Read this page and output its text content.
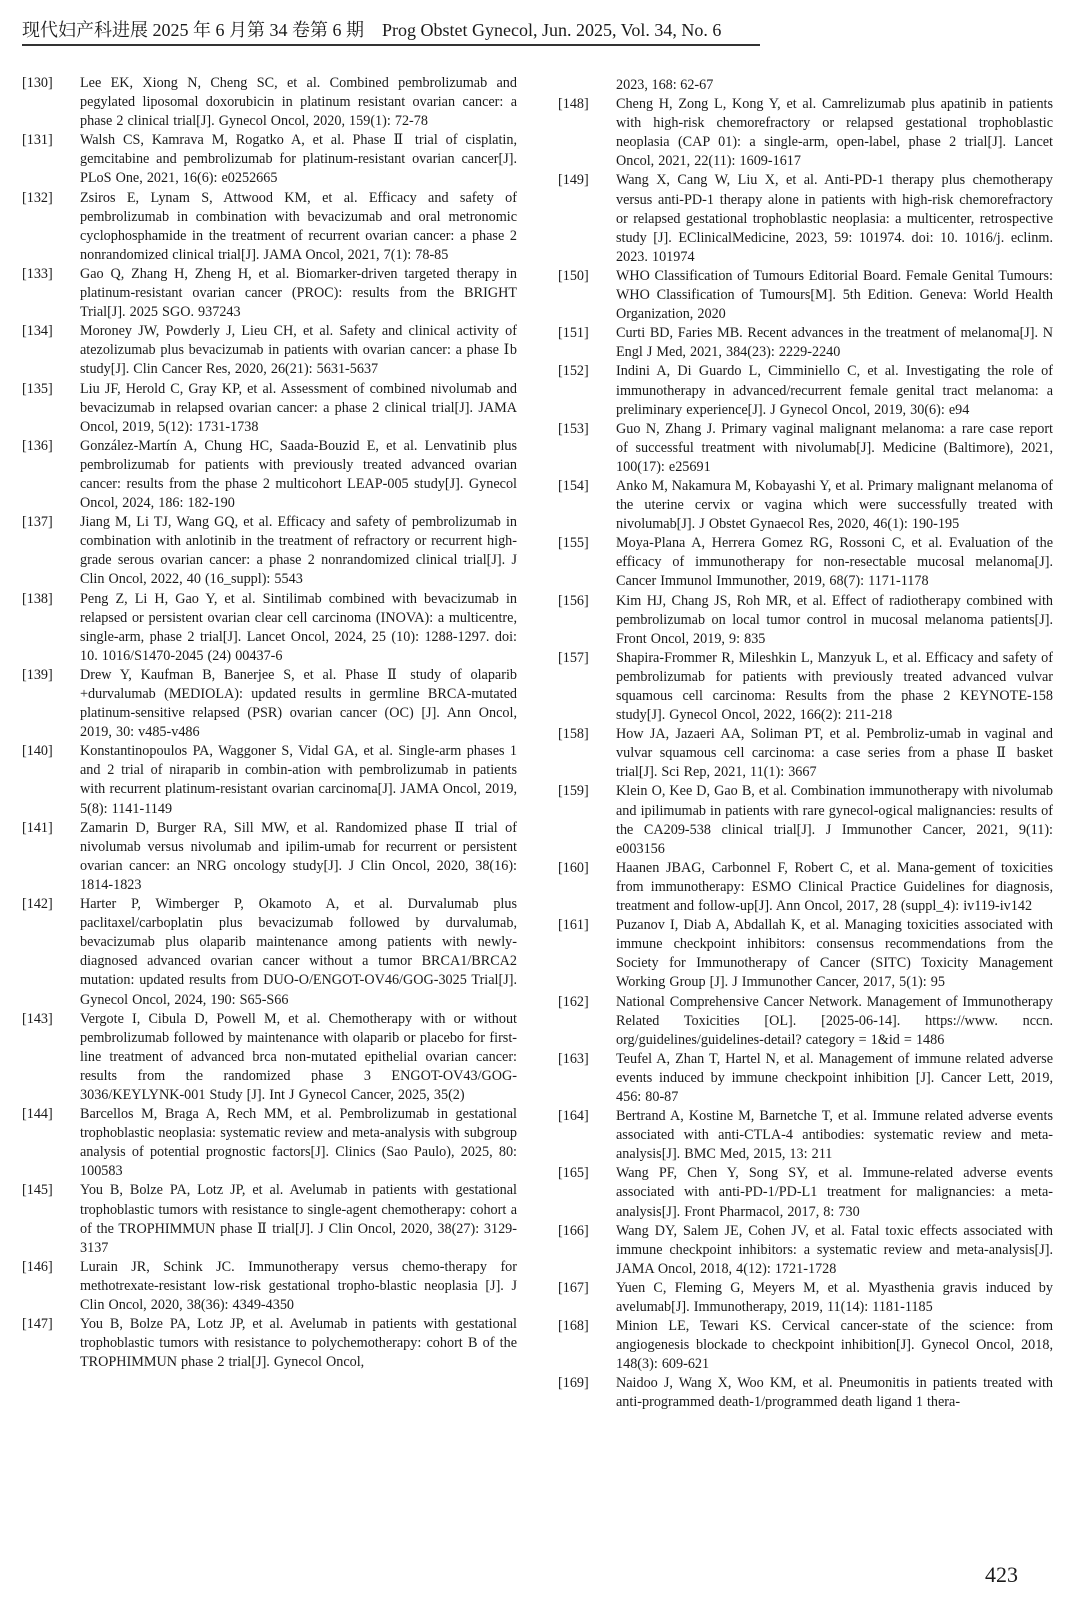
现代妇产科进展 2025 年 6 月第 34 卷第 6 期 Prog Obstet Gynecol, Jun. 2025, Vol. 34, No. 6
[130]	Lee EK, Xiong N, Cheng SC, et al. Combined pembrolizumab and pegylated liposomal doxorubicin in platinum resistant ovarian cancer: a phase 2 clinical trial[J]. Gynecol Oncol, 2020, 159(1): 72-78
[131]	Walsh CS, Kamrava M, Rogatko A, et al. Phase Ⅱ trial of cisplatin, gemcitabine and pembrolizumab for platinum-resistant ovarian cancer[J]. PLoS One, 2021, 16(6): e0252665
[132]	Zsiros E, Lynam S, Attwood KM, et al. Efficacy and safety of pembrolizumab in combination with bevacizumab and oral metronomic cyclophosphamide in the treatment of recurrent ovarian cancer: a phase 2 nonrandomized clinical trial[J]. JAMA Oncol, 2021, 7(1): 78-85
[133]	Gao Q, Zhang H, Zheng H, et al. Biomarker-driven targeted therapy in platinum-resistant ovarian cancer (PROC): results from the BRIGHT Trial[J]. 2025 SGO. 937243
[134]	Moroney JW, Powderly J, Lieu CH, et al. Safety and clinical activity of atezolizumab plus bevacizumab in patients with ovarian cancer: a phase Ⅰb study[J]. Clin Cancer Res, 2020, 26(21): 5631-5637
[135]	Liu JF, Herold C, Gray KP, et al. Assessment of combined nivolumab and bevacizumab in relapsed ovarian cancer: a phase 2 clinical trial[J]. JAMA Oncol, 2019, 5(12): 1731-1738
[136]	González-Martín A, Chung HC, Saada-Bouzid E, et al. Lenvatinib plus pembrolizumab for patients with previously treated advanced ovarian cancer: results from the phase 2 multicohort LEAP-005 study[J]. Gynecol Oncol, 2024, 186: 182-190
[137]	Jiang M, Li TJ, Wang GQ, et al. Efficacy and safety of pembrolizumab in combination with anlotinib in the treatment of refractory or recurrent high-grade serous ovarian cancer: a phase 2 nonrandomized clinical trial[J]. J Clin Oncol, 2022, 40 (16_suppl): 5543
[138]	Peng Z, Li H, Gao Y, et al. Sintilimab combined with bevacizumab in relapsed or persistent ovarian clear cell carcinoma (INOVA): a multicentre, single-arm, phase 2 trial[J]. Lancet Oncol, 2024, 25 (10): 1288-1297. doi: 10. 1016/S1470-2045 (24) 00437-6
[139]	Drew Y, Kaufman B, Banerjee S, et al. Phase Ⅱ study of olaparib +durvalumab (MEDIOLA): updated results in germline BRCA-mutated platinum-sensitive relapsed (PSR) ovarian cancer (OC) [J]. Ann Oncol, 2019, 30: v485-v486
[140]	Konstantinopoulos PA, Waggoner S, Vidal GA, et al. Single-arm phases 1 and 2 trial of niraparib in combin-ation with pembrolizumab in patients with recurrent platinum-resistant ovarian carcinoma[J]. JAMA Oncol, 2019, 5(8): 1141-1149
[141]	Zamarin D, Burger RA, Sill MW, et al. Randomized phase Ⅱ trial of nivolumab versus nivolumab and ipilim-umab for recurrent or persistent ovarian cancer: an NRG oncology study[J]. J Clin Oncol, 2020, 38(16): 1814-1823
[142]	Harter P, Wimberger P, Okamoto A, et al. Durvalumab plus paclitaxel/carboplatin plus bevacizumab followed by durvalumab, bevacizumab plus olaparib maintenance among patients with newly-diagnosed advanced ovarian cancer without a tumor BRCA1/BRCA2 mutation: updated results from DUO-O/ENGOT-OV46/GOG-3025 Trial[J]. Gynecol Oncol, 2024, 190: S65-S66
[143]	Vergote I, Cibula D, Powell M, et al. Chemotherapy with or without pembrolizumab followed by maintenance with olaparib or placebo for first-line treatment of advanced brca non-mutated epithelial ovarian cancer: results from the randomized phase 3 ENGOT-OV43/GOG-3036/KEYLYNK-001 Study [J]. Int J Gynecol Cancer, 2025, 35(2)
[144]	Barcellos M, Braga A, Rech MM, et al. Pembrolizumab in gestational trophoblastic neoplasia: systematic review and meta-analysis with subgroup analysis of potential prognostic factors[J]. Clinics (Sao Paulo), 2025, 80: 100583
[145]	You B, Bolze PA, Lotz JP, et al. Avelumab in patients with gestational trophoblastic tumors with resistance to single-agent chemotherapy: cohort a of the TROPHIMMUN phase Ⅱ trial[J]. J Clin Oncol, 2020, 38(27): 3129-3137
[146]	Lurain JR, Schink JC. Immunotherapy versus chemo-therapy for methotrexate-resistant low-risk gestational tropho-blastic neoplasia [J]. J Clin Oncol, 2020, 38(36): 4349-4350
[147]	You B, Bolze PA, Lotz JP, et al. Avelumab in patients with gestational trophoblastic tumors with resistance to polychemotherapy: cohort B of the TROPHIMMUN phase 2 trial[J]. Gynecol Oncol,
2023, 168: 62-67
[148]	Cheng H, Zong L, Kong Y, et al. Camrelizumab plus apatinib in patients with high-risk chemorefractory or relapsed gestational trophoblastic neoplasia (CAP 01): a single-arm, open-label, phase 2 trial[J]. Lancet Oncol, 2021, 22(11): 1609-1617
[149]	Wang X, Cang W, Liu X, et al. Anti-PD-1 therapy plus chemotherapy versus anti-PD-1 therapy alone in patients with high-risk chemorefractory or relapsed gestational trophoblastic neoplasia: a multicenter, retrospective study [J]. EClinicalMedicine, 2023, 59: 101974. doi: 10. 1016/j. eclinm. 2023. 101974
[150]	WHO Classification of Tumours Editorial Board. Female Genital Tumours: WHO Classification of Tumours[M]. 5th Edition. Geneva: World Health Organization, 2020
[151]	Curti BD, Faries MB. Recent advances in the treatment of melanoma[J]. N Engl J Med, 2021, 384(23): 2229-2240
[152]	Indini A, Di Guardo L, Cimminiello C, et al. Investigating the role of immunotherapy in advanced/recurrent female genital tract melanoma: a preliminary experience[J]. J Gynecol Oncol, 2019, 30(6): e94
[153]	Guo N, Zhang J. Primary vaginal malignant melanoma: a rare case report of successful treatment with nivolumab[J]. Medicine (Baltimore), 2021, 100(17): e25691
[154]	Anko M, Nakamura M, Kobayashi Y, et al. Primary malignant melanoma of the uterine cervix or vagina which were successfully treated with nivolumab[J]. J Obstet Gynaecol Res, 2020, 46(1): 190-195
[155]	Moya-Plana A, Herrera Gomez RG, Rossoni C, et al. Evaluation of the efficacy of immunotherapy for non-resectable mucosal melanoma[J]. Cancer Immunol Immunother, 2019, 68(7): 1171-1178
[156]	Kim HJ, Chang JS, Roh MR, et al. Effect of radiotherapy combined with pembrolizumab on local tumor control in mucosal melanoma patients[J]. Front Oncol, 2019, 9: 835
[157]	Shapira-Frommer R, Mileshkin L, Manzyuk L, et al. Efficacy and safety of pembrolizumab for patients with previously treated advanced vulvar squamous cell carcinoma: Results from the phase 2 KEYNOTE-158 study[J]. Gynecol Oncol, 2022, 166(2): 211-218
[158]	How JA, Jazaeri AA, Soliman PT, et al. Pembroliz-umab in vaginal and vulvar squamous cell carcinoma: a case series from a phase Ⅱ basket trial[J]. Sci Rep, 2021, 11(1): 3667
[159]	Klein O, Kee D, Gao B, et al. Combination immunotherapy with nivolumab and ipilimumab in patients with rare gynecol-ogical malignancies: results of the CA209-538 clinical trial[J]. J Immunother Cancer, 2021, 9(11): e003156
[160]	Haanen JBAG, Carbonnel F, Robert C, et al. Mana-gement of toxicities from immunotherapy: ESMO Clinical Practice Guidelines for diagnosis, treatment and follow-up[J]. Ann Oncol, 2017, 28 (suppl_4): iv119-iv142
[161]	Puzanov I, Diab A, Abdallah K, et al. Managing toxicities associated with immune checkpoint inhibitors: consensus recommendations from the Society for Immunotherapy of Cancer (SITC) Toxicity Management Working Group [J]. J Immunother Cancer, 2017, 5(1): 95
[162]	National Comprehensive Cancer Network. Management of Immunotherapy Related Toxicities [OL]. [2025-06-14]. https://www. nccn. org/guidelines/guidelines-detail? category = 1&id = 1486
[163]	Teufel A, Zhan T, Hartel N, et al. Management of immune related adverse events induced by immune checkpoint inhibition [J]. Cancer Lett, 2019, 456: 80-87
[164]	Bertrand A, Kostine M, Barnetche T, et al. Immune related adverse events associated with anti-CTLA-4 antibodies: systematic review and meta-analysis[J]. BMC Med, 2015, 13: 211
[165]	Wang PF, Chen Y, Song SY, et al. Immune-related adverse events associated with anti-PD-1/PD-L1 treatment for malignancies: a meta-analysis[J]. Front Pharmacol, 2017, 8: 730
[166]	Wang DY, Salem JE, Cohen JV, et al. Fatal toxic effects associated with immune checkpoint inhibitors: a systematic review and meta-analysis[J]. JAMA Oncol, 2018, 4(12): 1721-1728
[167]	Yuen C, Fleming G, Meyers M, et al. Myasthenia gravis induced by avelumab[J]. Immunotherapy, 2019, 11(14): 1181-1185
[168]	Minion LE, Tewari KS. Cervical cancer-state of the science: from angiogenesis blockade to checkpoint inhibition[J]. Gynecol Oncol, 2018, 148(3): 609-621
[169]	Naidoo J, Wang X, Woo KM, et al. Pneumonitis in patients treated with anti-programmed death-1/programmed death ligand 1 thera-
423
